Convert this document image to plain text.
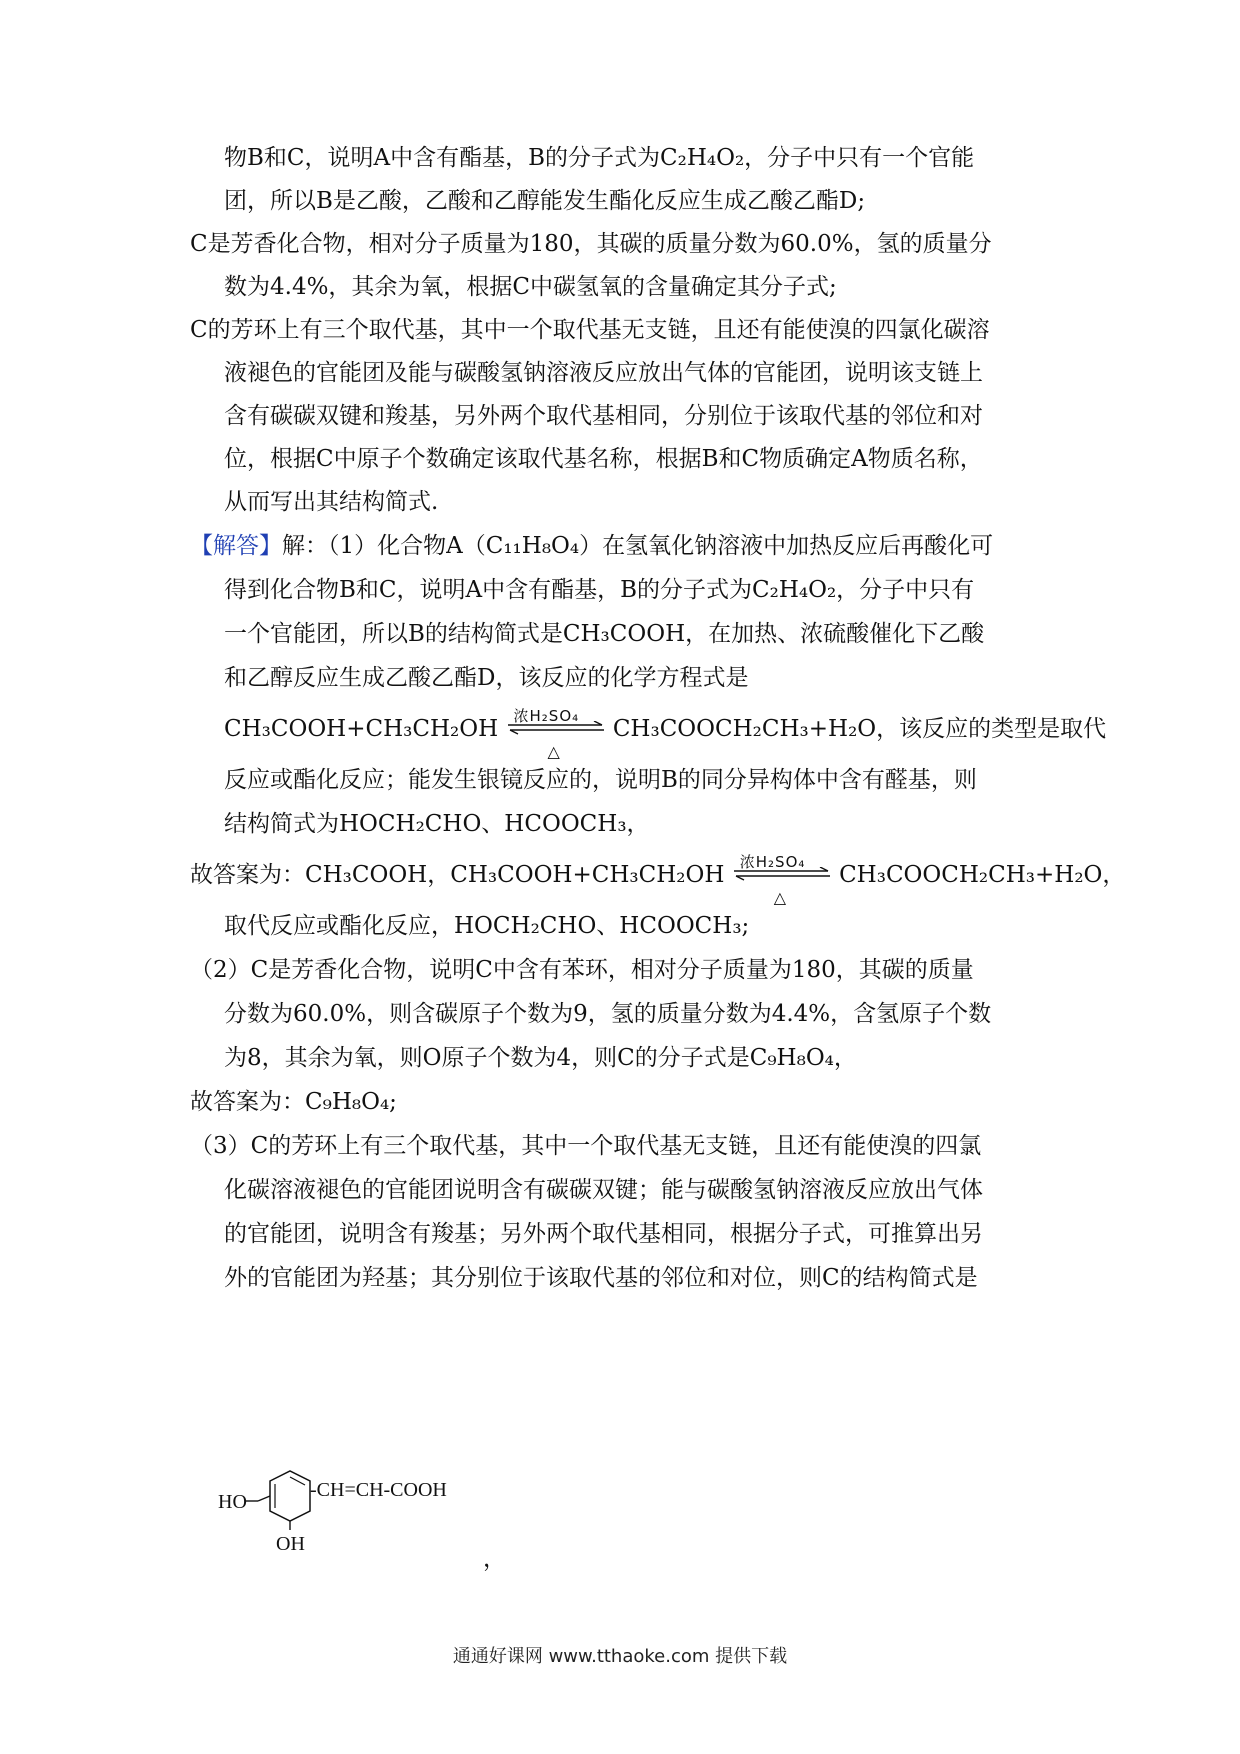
物B和C，说明A中含有酯基，B的分子式为C₂H₄O₂，分子中只有一个官能
团，所以B是乙酸，乙酸和乙醇能发生酯化反应生成乙酸乙酯D;
C是芳香化合物，相对分子质量为180，其碳的质量分数为60.0%，氢的质量分
数为4.4%，其余为氧，根据C中碳氢氧的含量确定其分子式;
C的芳环上有三个取代基，其中一个取代基无支链，且还有能使溴的四氯化碳溶
液褪色的官能团及能与碳酸氢钠溶液反应放出气体的官能团，说明该支链上
含有碳碳双键和羧基，另外两个取代基相同，分别位于该取代基的邻位和对
位，根据C中原子个数确定该取代基名称，根据B和C物质确定A物质名称，
从而写出其结构简式.
【解答】解：（1）化合物A（C₁₁H₈O₄）在氢氧化钠溶液中加热反应后再酸化可
得到化合物B和C，说明A中含有酯基，B的分子式为C₂H₄O₂，分子中只有
一个官能团，所以B的结构简式是CH₃COOH，在加热、浓硫酸催化下乙酸
和乙醇反应生成乙酸乙酯D，该反应的化学方程式是
CH₃COOH+CH₃CH₂OH 浓H₂SO₄
△
CH₃COOCH₂CH₃+H₂O，该反应的类型是取代
反应或酯化反应；能发生银镜反应的，说明B的同分异构体中含有醛基，则
结构简式为HOCH₂CHO、HCOOCH₃，
故答案为：CH₃COOH，CH₃COOH+CH₃CH₂OH 浓H₂SO₄
△
CH₃COOCH₂CH₃+H₂O，
取代反应或酯化反应，HOCH₂CHO、HCOOCH₃;
（2）C是芳香化合物，说明C中含有苯环，相对分子质量为180，其碳的质量
分数为60.0%，则含碳原子个数为9，氢的质量分数为4.4%，含氢原子个数
为8，其余为氧，则O原子个数为4，则C的分子式是C₉H₈O₄，
故答案为：C₉H₈O₄;
（3）C的芳环上有三个取代基，其中一个取代基无支链，且还有能使溴的四氯
化碳溶液褪色的官能团说明含有碳碳双键；能与碳酸氢钠溶液反应放出气体
的官能团，说明含有羧基；另外两个取代基相同，根据分子式，可推算出另
外的官能团为羟基；其分别位于该取代基的邻位和对位，则C的结构简式是
HO
-CH=CH-COOH
OH
，
通通好课网 www.tthaoke.com 提供下载
